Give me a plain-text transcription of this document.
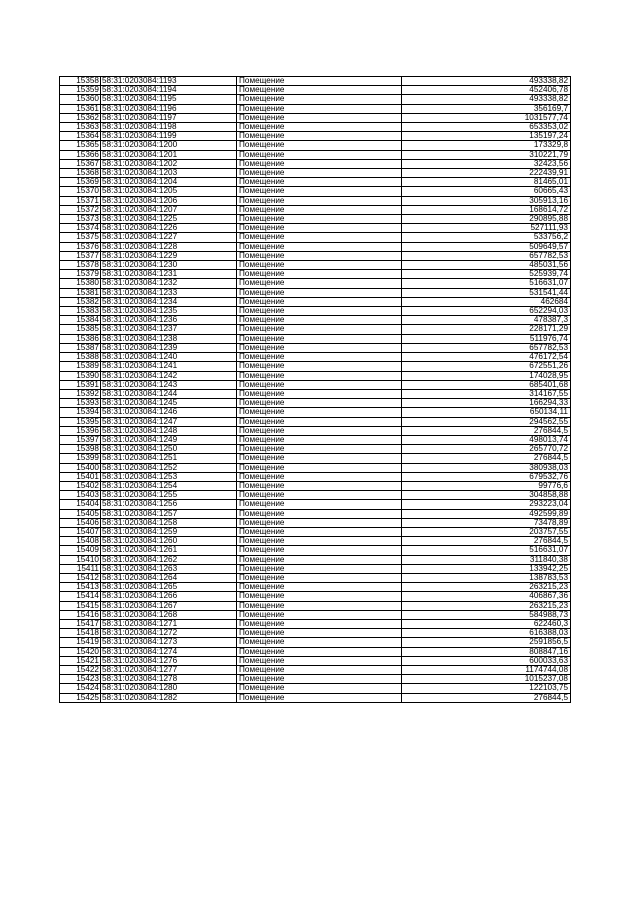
15358	58:31:0203084:1193	Помещение	493338,82
15359	58:31:0203084:1194	Помещение	452406,78
15360	58:31:0203084:1195	Помещение	493338,82
15361	58:31:0203084:1196	Помещение	356169,7
15362	58:31:0203084:1197	Помещение	1031577,74
15363	58:31:0203084:1198	Помещение	653353,02
15364	58:31:0203084:1199	Помещение	135197,24
15365	58:31:0203084:1200	Помещение	173329,8
15366	58:31:0203084:1201	Помещение	310221,79
15367	58:31:0203084:1202	Помещение	32423,56
15368	58:31:0203084:1203	Помещение	222439,91
15369	58:31:0203084:1204	Помещение	81465,01
15370	58:31:0203084:1205	Помещение	60665,43
15371	58:31:0203084:1206	Помещение	305913,16
15372	58:31:0203084:1207	Помещение	168614,72
15373	58:31:0203084:1225	Помещение	290895,88
15374	58:31:0203084:1226	Помещение	527111,93
15375	58:31:0203084:1227	Помещение	533756,2
15376	58:31:0203084:1228	Помещение	509649,57
15377	58:31:0203084:1229	Помещение	657782,53
15378	58:31:0203084:1230	Помещение	485031,56
15379	58:31:0203084:1231	Помещение	525939,74
15380	58:31:0203084:1232	Помещение	516631,07
15381	58:31:0203084:1233	Помещение	531541,44
15382	58:31:0203084:1234	Помещение	462684
15383	58:31:0203084:1235	Помещение	652294,03
15384	58:31:0203084:1236	Помещение	478387,3
15385	58:31:0203084:1237	Помещение	228171,29
15386	58:31:0203084:1238	Помещение	511976,74
15387	58:31:0203084:1239	Помещение	657782,53
15388	58:31:0203084:1240	Помещение	476172,54
15389	58:31:0203084:1241	Помещение	672551,26
15390	58:31:0203084:1242	Помещение	174028,95
15391	58:31:0203084:1243	Помещение	685401,68
15392	58:31:0203084:1244	Помещение	314167,55
15393	58:31:0203084:1245	Помещение	166294,33
15394	58:31:0203084:1246	Помещение	650134,11
15395	58:31:0203084:1247	Помещение	294562,55
15396	58:31:0203084:1248	Помещение	276844,5
15397	58:31:0203084:1249	Помещение	498013,74
15398	58:31:0203084:1250	Помещение	265770,72
15399	58:31:0203084:1251	Помещение	276844,5
15400	58:31:0203084:1252	Помещение	380938,03
15401	58:31:0203084:1253	Помещение	679532,76
15402	58:31:0203084:1254	Помещение	99776,6
15403	58:31:0203084:1255	Помещение	304858,88
15404	58:31:0203084:1256	Помещение	293223,04
15405	58:31:0203084:1257	Помещение	492599,89
15406	58:31:0203084:1258	Помещение	73478,89
15407	58:31:0203084:1259	Помещение	203757,55
15408	58:31:0203084:1260	Помещение	276844,5
15409	58:31:0203084:1261	Помещение	516631,07
15410	58:31:0203084:1262	Помещение	311840,38
15411	58:31:0203084:1263	Помещение	133942,25
15412	58:31:0203084:1264	Помещение	138783,53
15413	58:31:0203084:1265	Помещение	263215,23
15414	58:31:0203084:1266	Помещение	406867,36
15415	58:31:0203084:1267	Помещение	263215,23
15416	58:31:0203084:1268	Помещение	584988,73
15417	58:31:0203084:1271	Помещение	622460,3
15418	58:31:0203084:1272	Помещение	616388,03
15419	58:31:0203084:1273	Помещение	2591856,5
15420	58:31:0203084:1274	Помещение	808847,16
15421	58:31:0203084:1276	Помещение	600033,63
15422	58:31:0203084:1277	Помещение	1174744,08
15423	58:31:0203084:1278	Помещение	1015237,08
15424	58:31:0203084:1280	Помещение	122103,75
15425	58:31:0203084:1282	Помещение	276844,5
